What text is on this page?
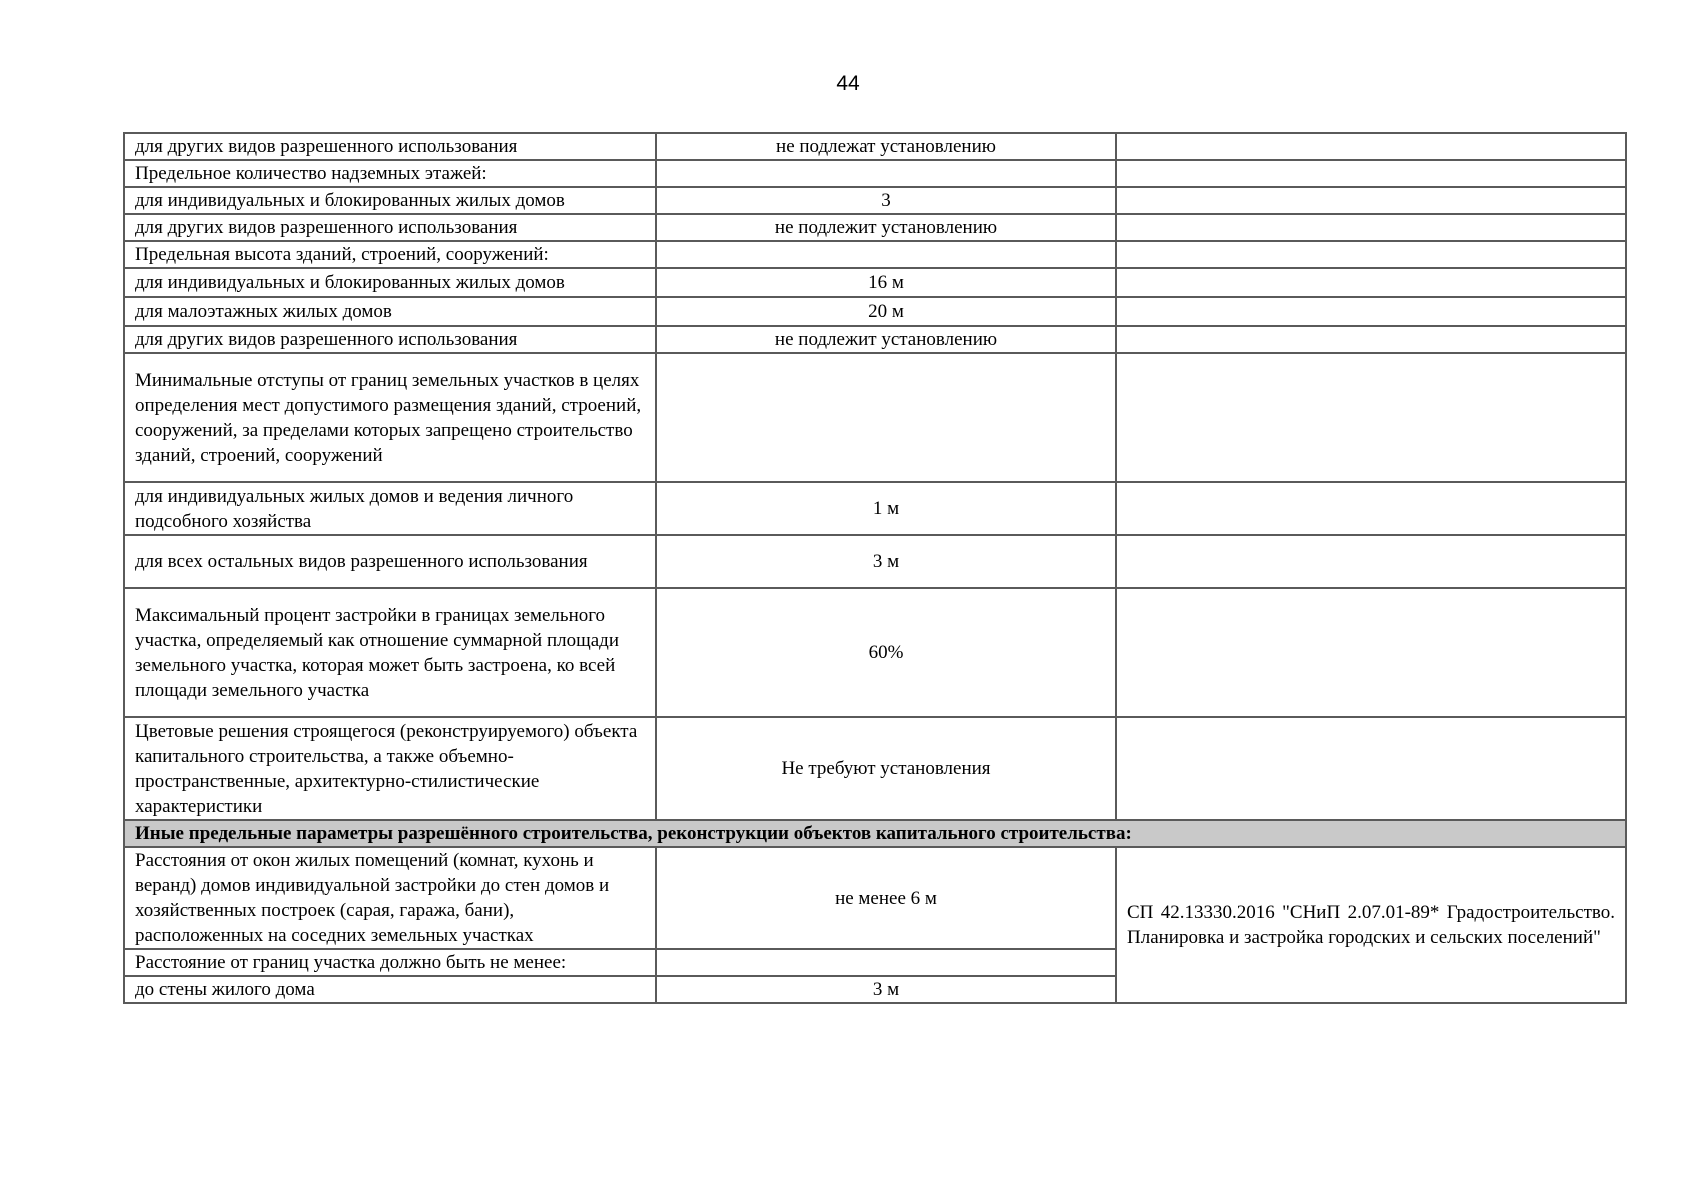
44
для других видов разрешенного использования	не подлежат установлению	
Предельное количество надземных этажей:		
для индивидуальных и блокированных жилых домов	3	
для других видов разрешенного использования	не подлежит установлению	
Предельная высота зданий, строений, сооружений:		
для индивидуальных и блокированных жилых домов	16 м	
для малоэтажных жилых домов	20 м	
для других видов разрешенного использования	не подлежит установлению	
Минимальные отступы от границ земельных участков в целях определения мест допустимого размещения зданий, строений, сооружений, за пределами которых запрещено строительство зданий, строений, сооружений		
для индивидуальных жилых домов и ведения личного подсобного хозяйства	1 м	
для всех остальных видов разрешенного использования	3 м	
Максимальный процент застройки в границах земельного участка, определяемый как отношение суммарной площади земельного участка, которая может быть застроена, ко всей площади земельного участка	60%	
Цветовые решения строящегося (реконструируемого) объекта капитального строительства, а также объемно-пространственные, архитектурно-стилистические характеристики	Не требуют установления	
Иные предельные параметры разрешённого строительства, реконструкции объектов капитального строительства:		
Расстояния от окон жилых помещений (комнат, кухонь и веранд) домов индивидуальной застройки до стен домов и хозяйственных построек (сарая, гаража, бани), расположенных на соседних земельных участках	не менее 6 м	СП 42.13330.2016 "СНиП 2.07.01-89* Градостроительство. Планировка и застройка городских и сельских поселений"
Расстояние от границ участка должно быть не менее:		
до стены жилого дома	3 м	
